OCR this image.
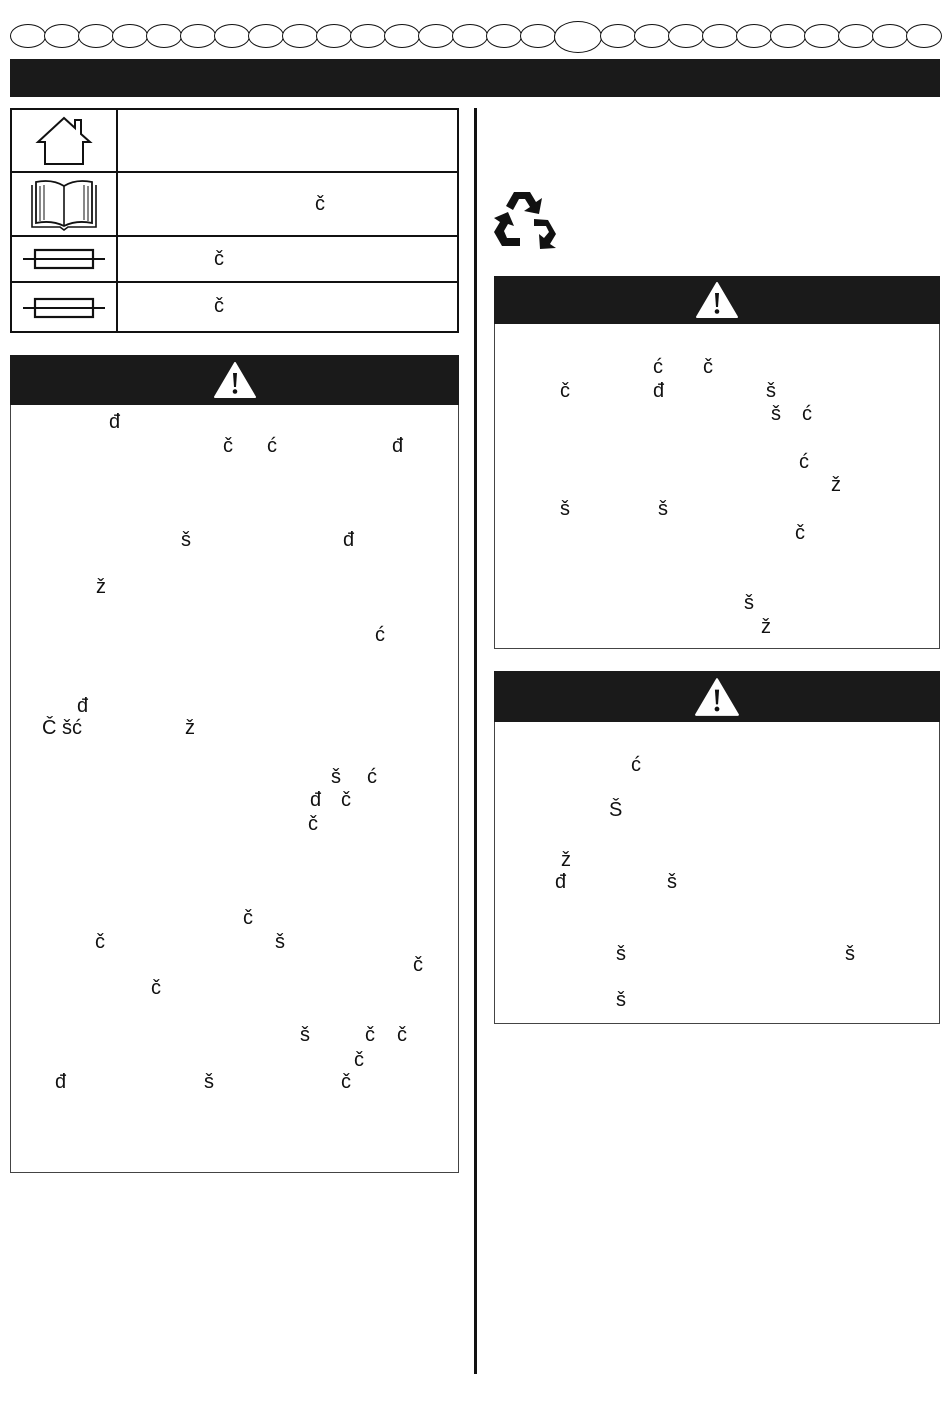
č
č
č
đ
č ć	đ
š	đ
ž
ć
đ
Č šć	ž
š ć
đ č
č
č
č	š
č
č
š	č č
č
đ	š	č
ć č
č	đ	š
š ć
ć
ž
š	š
č
š
ž
ć
Š
ž
đ	š
š	š
š
